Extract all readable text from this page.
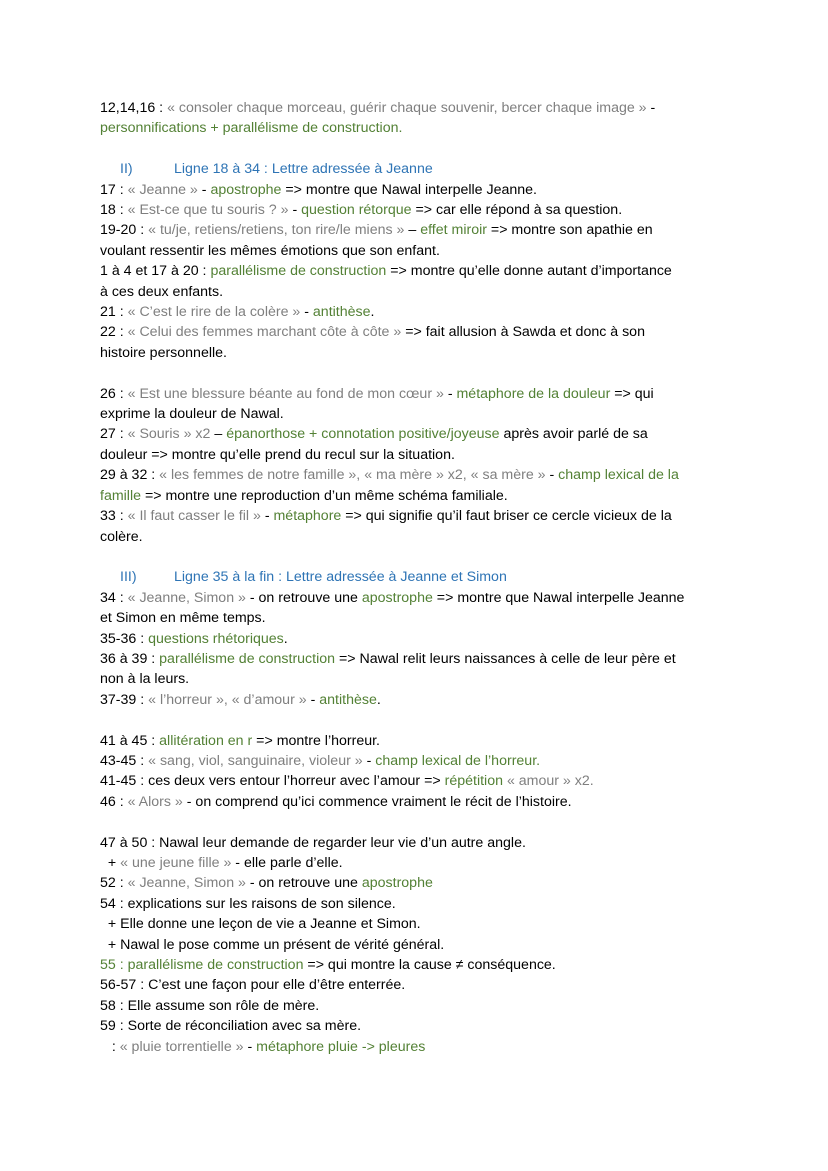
12,14,16 : « consoler chaque morceau, guérir chaque souvenir, bercer chaque image » -
personnifications + parallélisme de construction.
II)	Ligne 18 à 34 : Lettre adressée à Jeanne
17 : « Jeanne » - apostrophe => montre que Nawal interpelle Jeanne.
18 : « Est-ce que tu souris ? » - question rétorque => car elle répond à sa question.
19-20 : « tu/je, retiens/retiens, ton rire/le miens » – effet miroir => montre son apathie en
voulant ressentir les mêmes émotions que son enfant.
1 à 4 et 17 à 20 : parallélisme de construction => montre qu’elle donne autant d’importance
à ces deux enfants.
21 : « C’est le rire de la colère » - antithèse.
22 : « Celui des femmes marchant côte à côte » => fait allusion à Sawda et donc à son
histoire personnelle.
26 : « Est une blessure béante au fond de mon cœur » - métaphore de la douleur => qui
exprime la douleur de Nawal.
27 : « Souris » x2 – épanorthose + connotation positive/joyeuse après avoir parlé de sa
douleur => montre qu’elle prend du recul sur la situation.
29 à 32 : « les femmes de notre famille », « ma mère » x2, « sa mère » - champ lexical de la
famille => montre une reproduction d’un même schéma familiale.
33 : « Il faut casser le fil » - métaphore => qui signifie qu’il faut briser ce cercle vicieux de la
colère.
III)	Ligne 35 à la fin : Lettre adressée à Jeanne et Simon
34 : « Jeanne, Simon » - on retrouve une apostrophe => montre que Nawal interpelle Jeanne
et Simon en même temps.
35-36 : questions rhétoriques.
36 à 39 : parallélisme de construction => Nawal relit leurs naissances à celle de leur père et
non à la leurs.
37-39 : « l’horreur », « d’amour » - antithèse.
41 à 45 : allitération en r => montre l’horreur.
43-45 : « sang, viol, sanguinaire, violeur » - champ lexical de l’horreur.
41-45 : ces deux vers entour l’horreur avec l’amour => répétition « amour » x2.
46 : « Alors » - on comprend qu’ici commence vraiment le récit de l’histoire.
47 à 50 : Nawal leur demande de regarder leur vie d’un autre angle.
+ « une jeune fille » - elle parle d’elle.
52 : « Jeanne, Simon » - on retrouve une apostrophe
54 : explications sur les raisons de son silence.
+ Elle donne une leçon de vie a Jeanne et Simon.
+ Nawal le pose comme un présent de vérité général.
55 : parallélisme de construction => qui montre la cause ≠ conséquence.
56-57 : C’est une façon pour elle d’être enterrée.
58 : Elle assume son rôle de mère.
59 : Sorte de réconciliation avec sa mère.
: « pluie torrentielle » - métaphore pluie -> pleures
